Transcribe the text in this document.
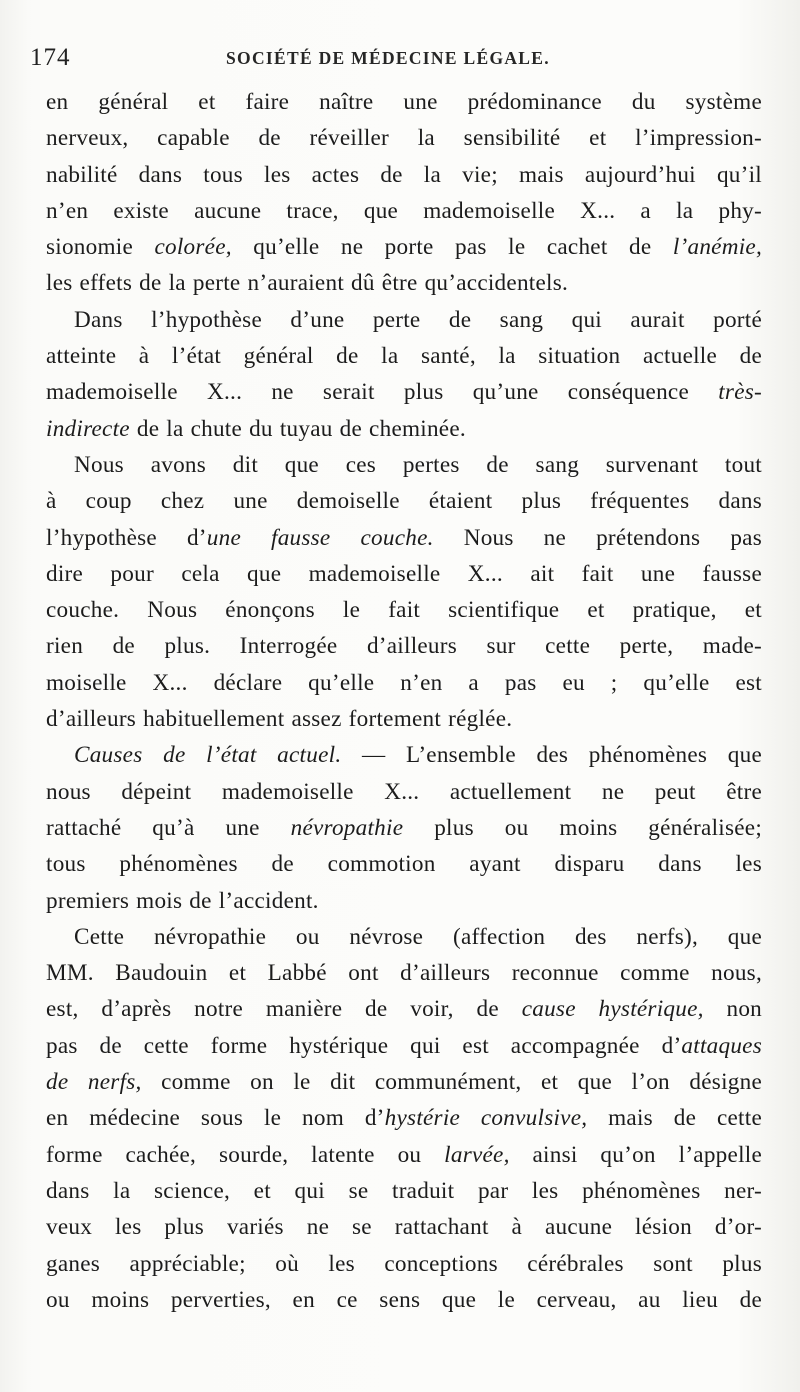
174	SOCIÉTÉ DE MÉDECINE LÉGALE.
en général et faire naître une prédominance du système
nerveux, capable de réveiller la sensibilité et l’impression-
nabilité dans tous les actes de la vie; mais aujourd’hui qu’il
n’en existe aucune trace, que mademoiselle X... a la phy-
sionomie colorée, qu’elle ne porte pas le cachet de l’anémie,
les effets de la perte n’auraient dû être qu’accidentels.
Dans l’hypothèse d’une perte de sang qui aurait porté
atteinte à l’état général de la santé, la situation actuelle de
mademoiselle X... ne serait plus qu’une conséquence très-
indirecte de la chute du tuyau de cheminée.
Nous avons dit que ces pertes de sang survenant tout
à coup chez une demoiselle étaient plus fréquentes dans
l’hypothèse d’une fausse couche. Nous ne prétendons pas
dire pour cela que mademoiselle X... ait fait une fausse
couche. Nous énonçons le fait scientifique et pratique, et
rien de plus. Interrogée d’ailleurs sur cette perte, made-
moiselle X... déclare qu’elle n’en a pas eu ; qu’elle est
d’ailleurs habituellement assez fortement réglée.
Causes de l’état actuel. — L’ensemble des phénomènes que
nous dépeint mademoiselle X... actuellement ne peut être
rattaché qu’à une névropathie plus ou moins généralisée;
tous phénomènes de commotion ayant disparu dans les
premiers mois de l’accident.
Cette névropathie ou névrose (affection des nerfs), que
MM. Baudouin et Labbé ont d’ailleurs reconnue comme nous,
est, d’après notre manière de voir, de cause hystérique, non
pas de cette forme hystérique qui est accompagnée d’attaques
de nerfs, comme on le dit communément, et que l’on désigne
en médecine sous le nom d’hystérie convulsive, mais de cette
forme cachée, sourde, latente ou larvée, ainsi qu’on l’appelle
dans la science, et qui se traduit par les phénomènes ner-
veux les plus variés ne se rattachant à aucune lésion d’or-
ganes appréciable; où les conceptions cérébrales sont plus
ou moins perverties, en ce sens que le cerveau, au lieu de
